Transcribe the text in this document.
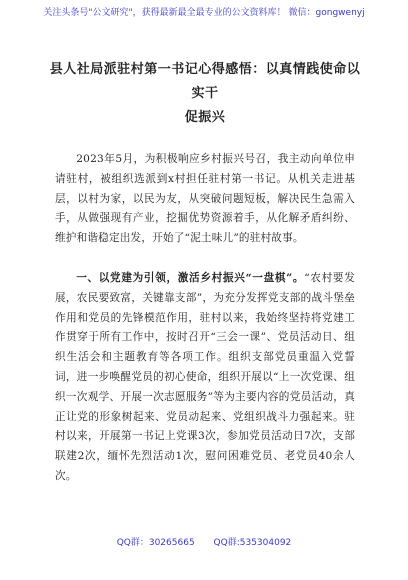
关注头条号"公文研究"，获得最新最全最专业的公文资料库！ 微信：gongwenyj
县人社局派驻村第一书记心得感悟：以真情践使命以实干
促振兴

2023年5月，为积极响应乡村振兴号召，我主动向单位申请驻村，被组织选派到x村担任驻村第一书记。从机关走进基层，以村为家，以民为友，从突破问题短板，解决民生急需入手，从做强现有产业，挖掘优势资源着手，从化解矛盾纠纷、维护和谐稳定出发，开始了“泥土味儿”的驻村故事。

一、以党建为引领，激活乡村振兴“一盘棋”。“农村要发展，农民要致富，关键靠支部”，为充分发挥党支部的战斗堡垒作用和党员的先锋模范作用，驻村以来，我始终坚持将党建工作贯穿于所有工作中，按时召开“三会一课”、党员活动日、组织生活会和主题教育等各项工作。组织支部党员重温入党誓词，进一步唤醒党员的初心使命，组织开展以“上一次党课、组织一次观学、开展一次志愿服务”等为主要内容的党员活动，真正让党的形象树起来、党员动起来、党组织战斗力强起来。驻村以来，开展第一书记上党课3次，参加党员活动日7次，支部联建2次，缅怀先烈活动1次，慰问困难党员、老党员40余人次。

QQ群：30265665 QQ群:535304092
